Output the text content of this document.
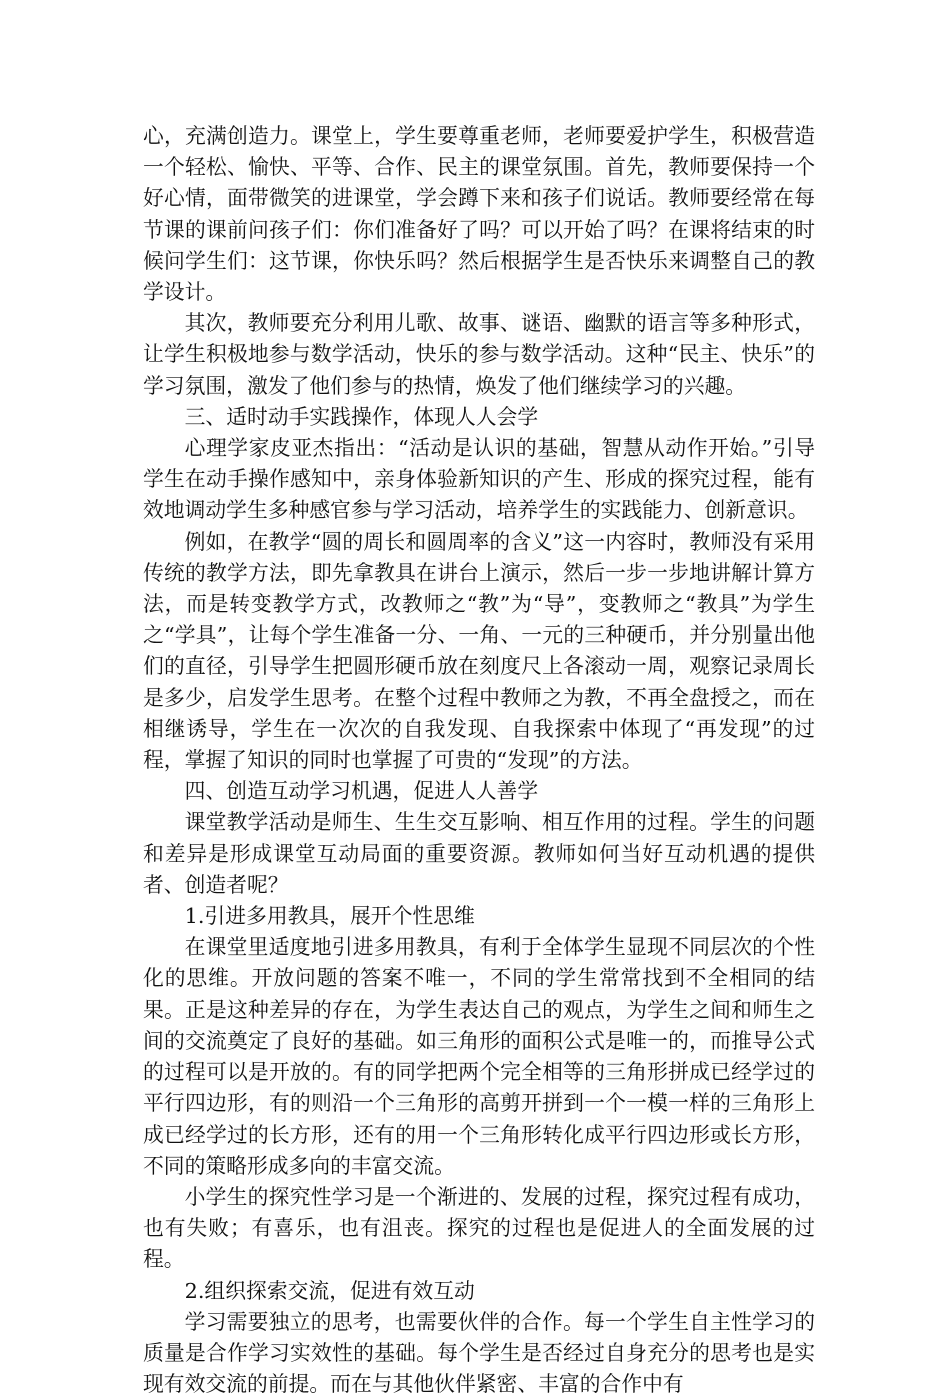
心，充满创造力。课堂上，学生要尊重老师，老师要爱护学生，积极营造一个轻松、愉快、平等、合作、民主的课堂氛围。首先，教师要保持一个好心情，面带微笑的进课堂，学会蹲下来和孩子们说话。教师要经常在每节课的课前问孩子们：你们准备好了吗？可以开始了吗？在课将结束的时候问学生们：这节课，你快乐吗？然后根据学生是否快乐来调整自己的教学设计。

其次，教师要充分利用儿歌、故事、谜语、幽默的语言等多种形式，让学生积极地参与数学活动，快乐的参与数学活动。这种“民主、快乐”的学习氛围，激发了他们参与的热情，焕发了他们继续学习的兴趣。

三、适时动手实践操作，体现人人会学

心理学家皮亚杰指出：“活动是认识的基础，智慧从动作开始。”引导学生在动手操作感知中，亲身体验新知识的产生、形成的探究过程，能有效地调动学生多种感官参与学习活动，培养学生的实践能力、创新意识。

例如，在教学“圆的周长和圆周率的含义”这一内容时，教师没有采用传统的教学方法，即先拿教具在讲台上演示，然后一步一步地讲解计算方法，而是转变教学方式，改教师之“教”为“导”，变教师之“教具”为学生之“学具”，让每个学生准备一分、一角、一元的三种硬币，并分别量出他们的直径，引导学生把圆形硬币放在刻度尺上各滚动一周，观察记录周长是多少，启发学生思考。在整个过程中教师之为教，不再全盘授之，而在相继诱导，学生在一次次的自我发现、自我探索中体现了“再发现”的过程，掌握了知识的同时也掌握了可贵的“发现”的方法。

四、创造互动学习机遇，促进人人善学

课堂教学活动是师生、生生交互影响、相互作用的过程。学生的问题和差异是形成课堂互动局面的重要资源。教师如何当好互动机遇的提供者、创造者呢？

1.引进多用教具，展开个性思维

在课堂里适度地引进多用教具，有利于全体学生显现不同层次的个性化的思维。开放问题的答案不唯一，不同的学生常常找到不全相同的结果。正是这种差异的存在，为学生表达自己的观点，为学生之间和师生之间的交流奠定了良好的基础。如三角形的面积公式是唯一的，而推导公式的过程可以是开放的。有的同学把两个完全相等的三角形拼成已经学过的平行四边形，有的则沿一个三角形的高剪开拼到一个一模一样的三角形上成已经学过的长方形，还有的用一个三角形转化成平行四边形或长方形，不同的策略形成多向的丰富交流。

小学生的探究性学习是一个渐进的、发展的过程，探究过程有成功，也有失败；有喜乐，也有沮丧。探究的过程也是促进人的全面发展的过程。

2.组织探索交流，促进有效互动

学习需要独立的思考，也需要伙伴的合作。每一个学生自主性学习的质量是合作学习实效性的基础。每个学生是否经过自身充分的思考也是实现有效交流的前提。而在与其他伙伴紧密、丰富的合作中有
